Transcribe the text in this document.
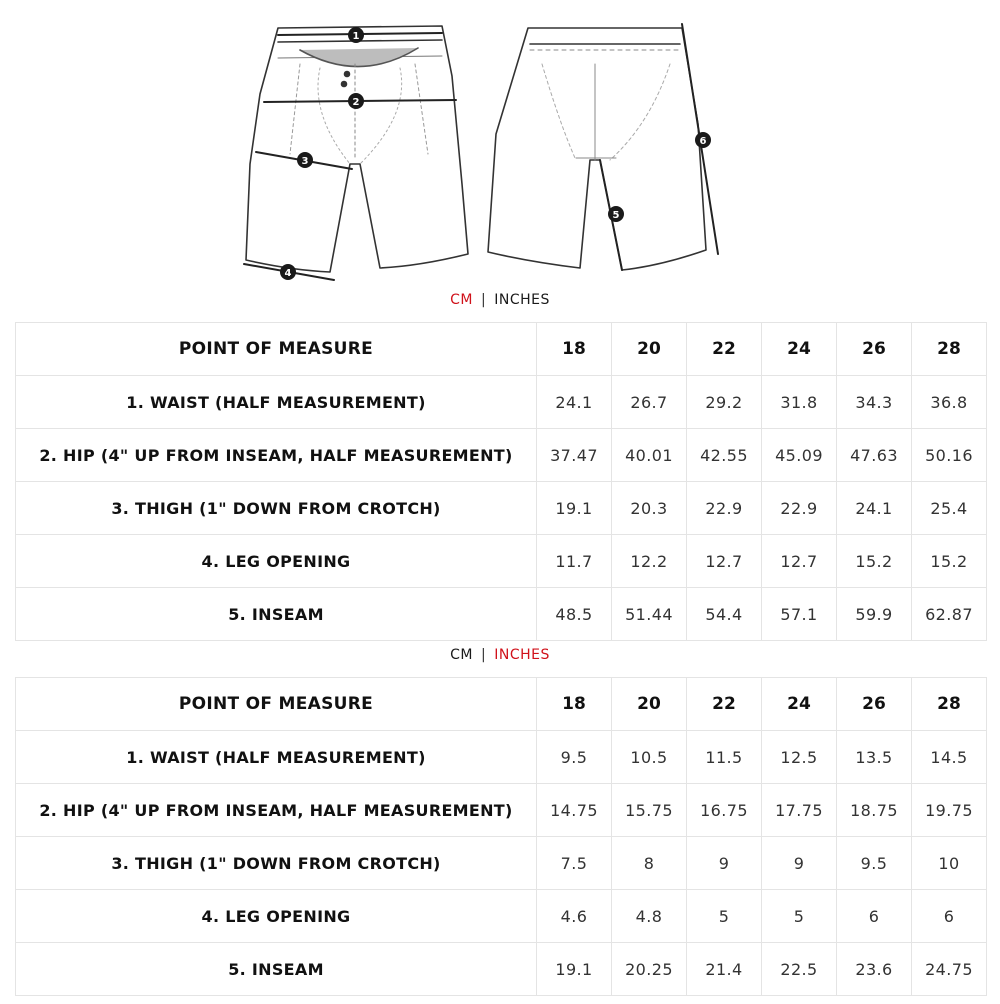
1
2
3
4
5
6
CM | INCHES
POINT OF MEASURE	18	20	22	24	26	28
1. WAIST (HALF MEASUREMENT)	24.1	26.7	29.2	31.8	34.3	36.8
2. HIP (4" UP FROM INSEAM, HALF MEASUREMENT)	37.47	40.01	42.55	45.09	47.63	50.16
3. THIGH (1" DOWN FROM CROTCH)	19.1	20.3	22.9	22.9	24.1	25.4
4. LEG OPENING	11.7	12.2	12.7	12.7	15.2	15.2
5. INSEAM	48.5	51.44	54.4	57.1	59.9	62.87
CM | INCHES
POINT OF MEASURE	18	20	22	24	26	28
1. WAIST (HALF MEASUREMENT)	9.5	10.5	11.5	12.5	13.5	14.5
2. HIP (4" UP FROM INSEAM, HALF MEASUREMENT)	14.75	15.75	16.75	17.75	18.75	19.75
3. THIGH (1" DOWN FROM CROTCH)	7.5	8	9	9	9.5	10
4. LEG OPENING	4.6	4.8	5	5	6	6
5. INSEAM	19.1	20.25	21.4	22.5	23.6	24.75
